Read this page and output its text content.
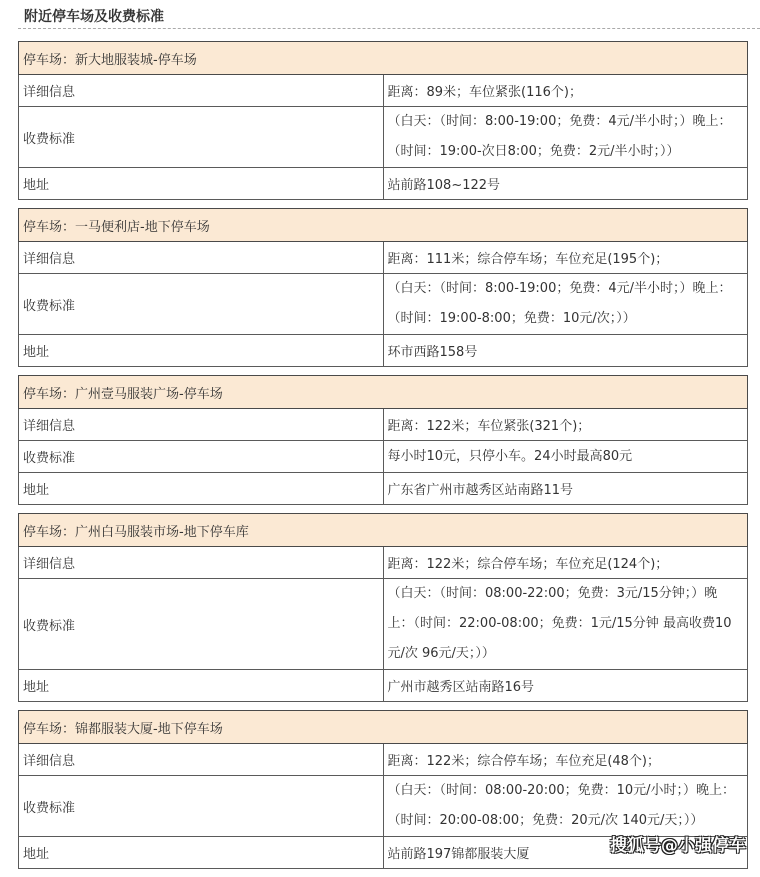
附近停车场及收费标准
停车场：新大地服装城-停车场	
详细信息	距离：89米；车位紧张(116个)；
收费标准	（白天：（时间：8:00-19:00；免费：4元/半小时；）晚上：（时间：19:00-次日8:00；免费：2元/半小时；））
地址	站前路108~122号
停车场：一马便利店-地下停车场	
详细信息	距离：111米；综合停车场；车位充足(195个)；
收费标准	（白天：（时间：8:00-19:00；免费：4元/半小时；）晚上：（时间：19:00-8:00；免费：10元/次；））
地址	环市西路158号
停车场：广州壹马服装广场-停车场	
详细信息	距离：122米；车位紧张(321个)；
收费标准	每小时10元，只停小车。24小时最高80元
地址	广东省广州市越秀区站南路11号
停车场：广州白马服装市场-地下停车库	
详细信息	距离：122米；综合停车场；车位充足(124个)；
收费标准	（白天：（时间：08:00-22:00；免费：3元/15分钟；）晚上：（时间：22:00-08:00；免费：1元/15分钟 最高收费10元/次 96元/天；））
地址	广州市越秀区站南路16号
停车场：锦都服装大厦-地下停车场	
详细信息	距离：122米；综合停车场；车位充足(48个)；
收费标准	（白天：（时间：08:00-20:00；免费：10元/小时；）晚上：（时间：20:00-08:00；免费：20元/次 140元/天；））
地址	站前路197锦都服装大厦	搜狐号@小强停车
